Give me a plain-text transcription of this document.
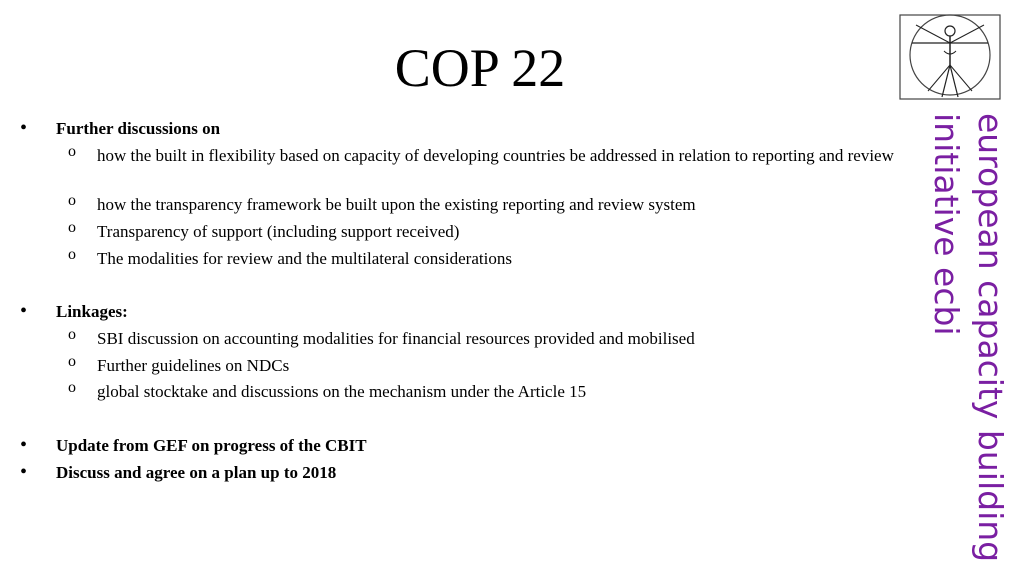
COP 22
• Further discussions on
o how the built in flexibility based on capacity of developing countries be addressed in relation to reporting and review
o how the transparency framework be built upon the existing reporting and review system
o Transparency of support (including support received)
o The modalities for review and the multilateral considerations
• Linkages:
o SBI discussion on accounting modalities for financial resources provided and mobilised
o Further guidelines on NDCs
o global stocktake and discussions on the mechanism under the Article 15
• Update from GEF on progress of the CBIT
• Discuss and agree on a plan up to 2018	european capacity building
initiative ecbi
